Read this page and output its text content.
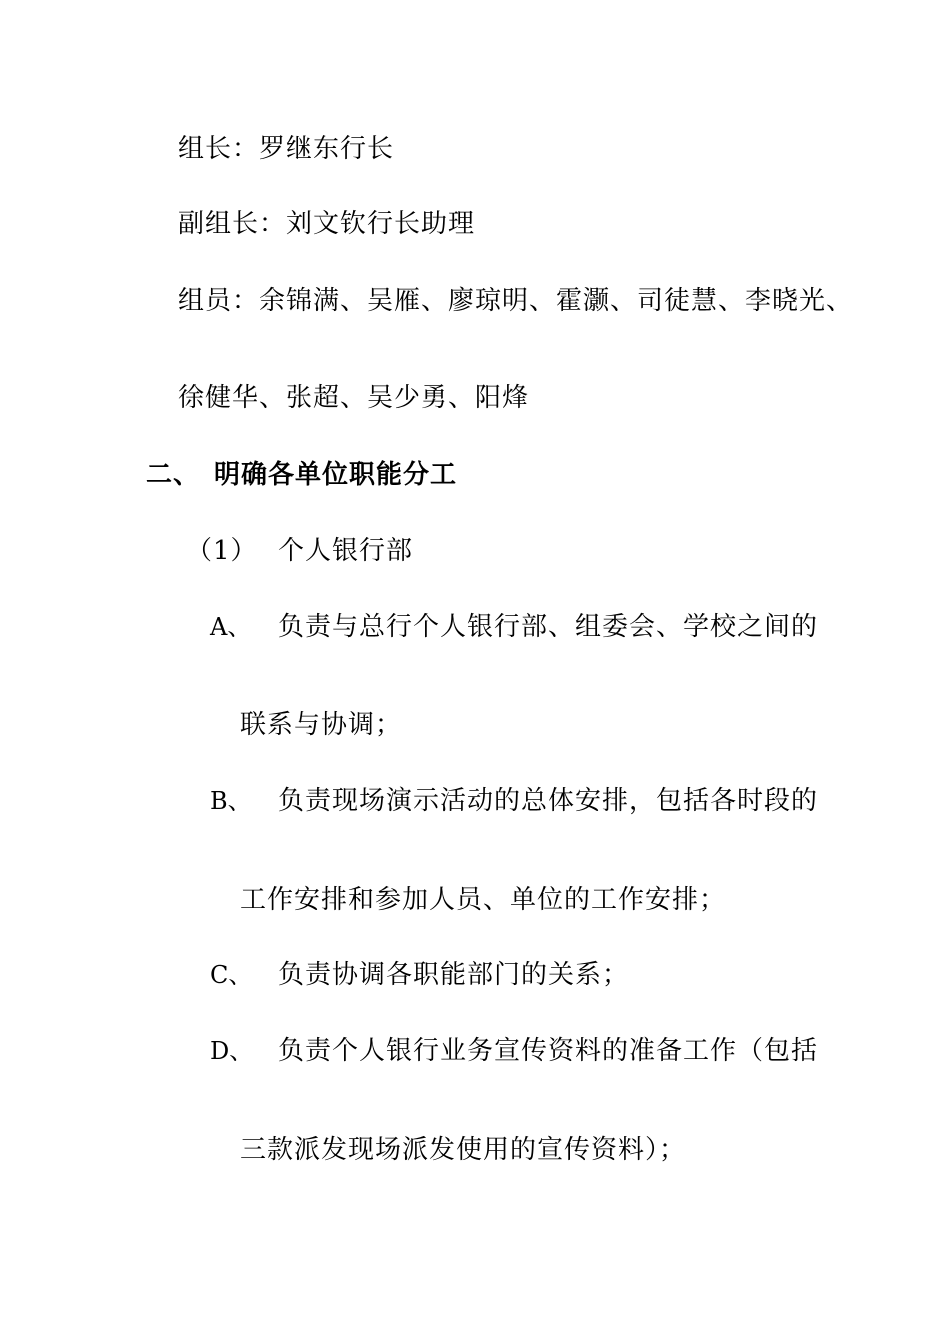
组长：罗继东行长
副组长：刘文钦行长助理
组员：余锦满、吴雁、廖琼明、霍灏、司徒慧、李晓光、
徐健华、张超、吴少勇、阳烽
二、 明确各单位职能分工
（1） 个人银行部
A、 负责与总行个人银行部、组委会、学校之间的
联系与协调；
B、 负责现场演示活动的总体安排，包括各时段的
工作安排和参加人员、单位的工作安排；
C、 负责协调各职能部门的关系；
D、 负责个人银行业务宣传资料的准备工作（包括
三款派发现场派发使用的宣传资料）；
